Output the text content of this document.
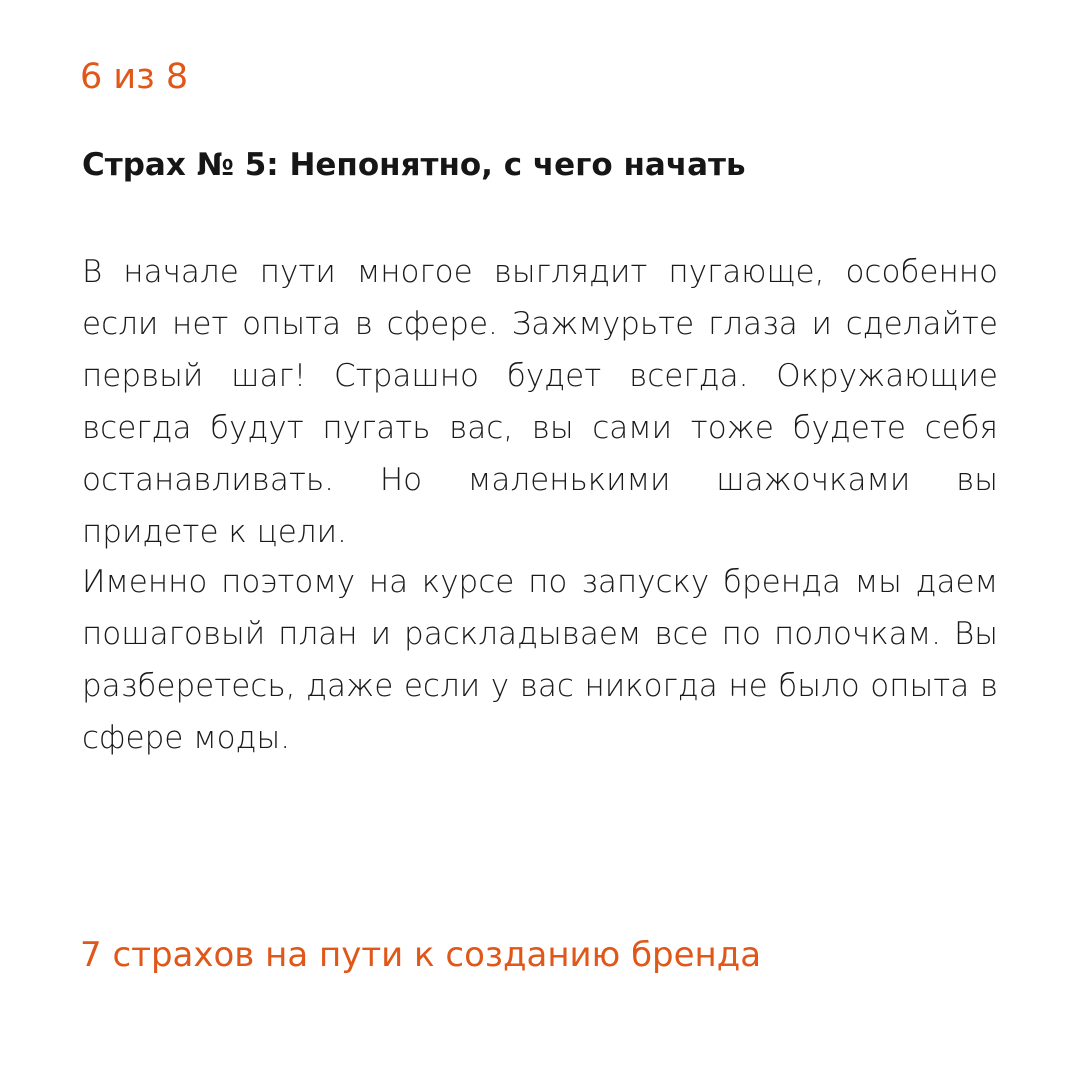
6 из 8
Страх № 5: Непонятно, с чего начать

В начале пути многое выглядит пугающе, особенно если нет опыта в сфере. Зажмурьте глаза и сделайте первый шаг! Страшно будет всегда. Окружающие всегда будут пугать вас, вы сами тоже будете себя останавливать. Но маленькими шажочками вы придете к цели.

Именно поэтому на курсе по запуску бренда мы даем пошаговый план и раскладываем все по полочкам. Вы разберетесь, даже если у вас никогда не было опыта в сфере моды.

7 страхов на пути к созданию бренда
